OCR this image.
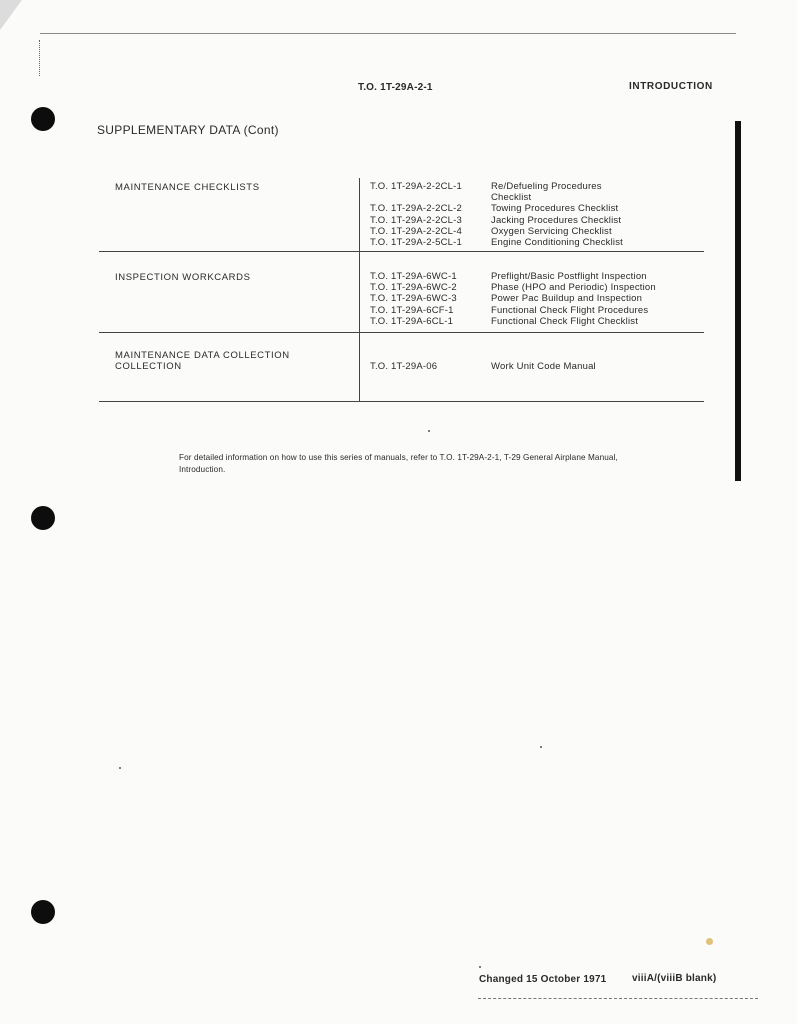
T.O. 1T-29A-2-1	INTRODUCTION
SUPPLEMENTARY DATA (Cont)
MAINTENANCE CHECKLISTS	T.O. 1T-29A-2-2CL-1	Re/Defueling Procedures
Checklist
T.O. 1T-29A-2-2CL-2	Towing Procedures Checklist
T.O. 1T-29A-2-2CL-3	Jacking Procedures Checklist
T.O. 1T-29A-2-2CL-4	Oxygen Servicing Checklist
T.O. 1T-29A-2-5CL-1	Engine Conditioning Checklist
INSPECTION WORKCARDS	T.O. 1T-29A-6WC-1	Preflight/Basic Postflight Inspection
T.O. 1T-29A-6WC-2	Phase (HPO and Periodic) Inspection
T.O. 1T-29A-6WC-3	Power Pac Buildup and Inspection
T.O. 1T-29A-6CF-1	Functional Check Flight Procedures
T.O. 1T-29A-6CL-1	Functional Check Flight Checklist
MAINTENANCE DATA COLLECTION
COLLECTION	T.O. 1T-29A-06	Work Unit Code Manual
For detailed information on how to use this series of manuals, refer to T.O. 1T-29A-2-1, T-29 General Airplane Manual, Introduction.
Changed 15 October 1971	viiiA/(viiiB blank)
